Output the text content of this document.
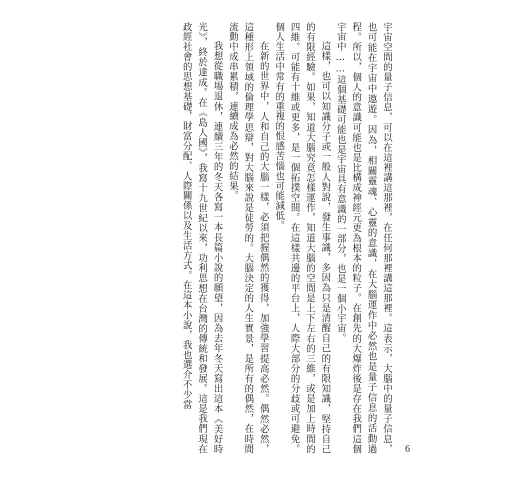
宇宙空間的量子信息，可以在這裡講這那裡，在任何那裡講這那裡。這表示，大腦中的量子信息，也可能在宇宙中遨遊。因為，相關靈魂、心靈的意識，在大腦運作中必然也是量子信息的活動過程。所以，個人的意識可能也是比構成神經元更為根本的粒子。在創先的大爆炸後是存在我們這個宇宙中……這個基礎可能也是宇宙具有意識的一部分，也是一個小宇宙。

這樣，也可以知識分子或一般人對說，發生事識，多因為只是清醒自己的有限知識，堅持自己的有限經驗。如果，知道大腦究竟怎樣運作，知道大腦的空間是上下左右的三維，或是加上時間的四維。可能有十維或更多，是一個拓撲空間。在這樣共邊的平台上，人際大部分的分歧或可避免。個人生活中常有的重複的恨感苦惱也可能減低。

在新的世界中，人和自己的大腦一樣，必須把握偶然的獲得，加強學習提高必然。偶然必然，這種形上領域的倫理學思辯，對大腦來說是徒勞的。大腦決定的人生實景，是所有的偶然，在時間流動中成串累積，連續成為必然的結果。

我想從職場退休，連續三年的冬天各寫一本長篇小說的願望，因為去年冬天寫出這本《美好時光》，終於達成。在《島人國》，我寫十九世紀以來，功利思想在台灣的傳統和發展。這是我們現在政經社會的思想基礎，財富分配、人際關係以及生活方式。在這本小說，我也選介不少當

6
